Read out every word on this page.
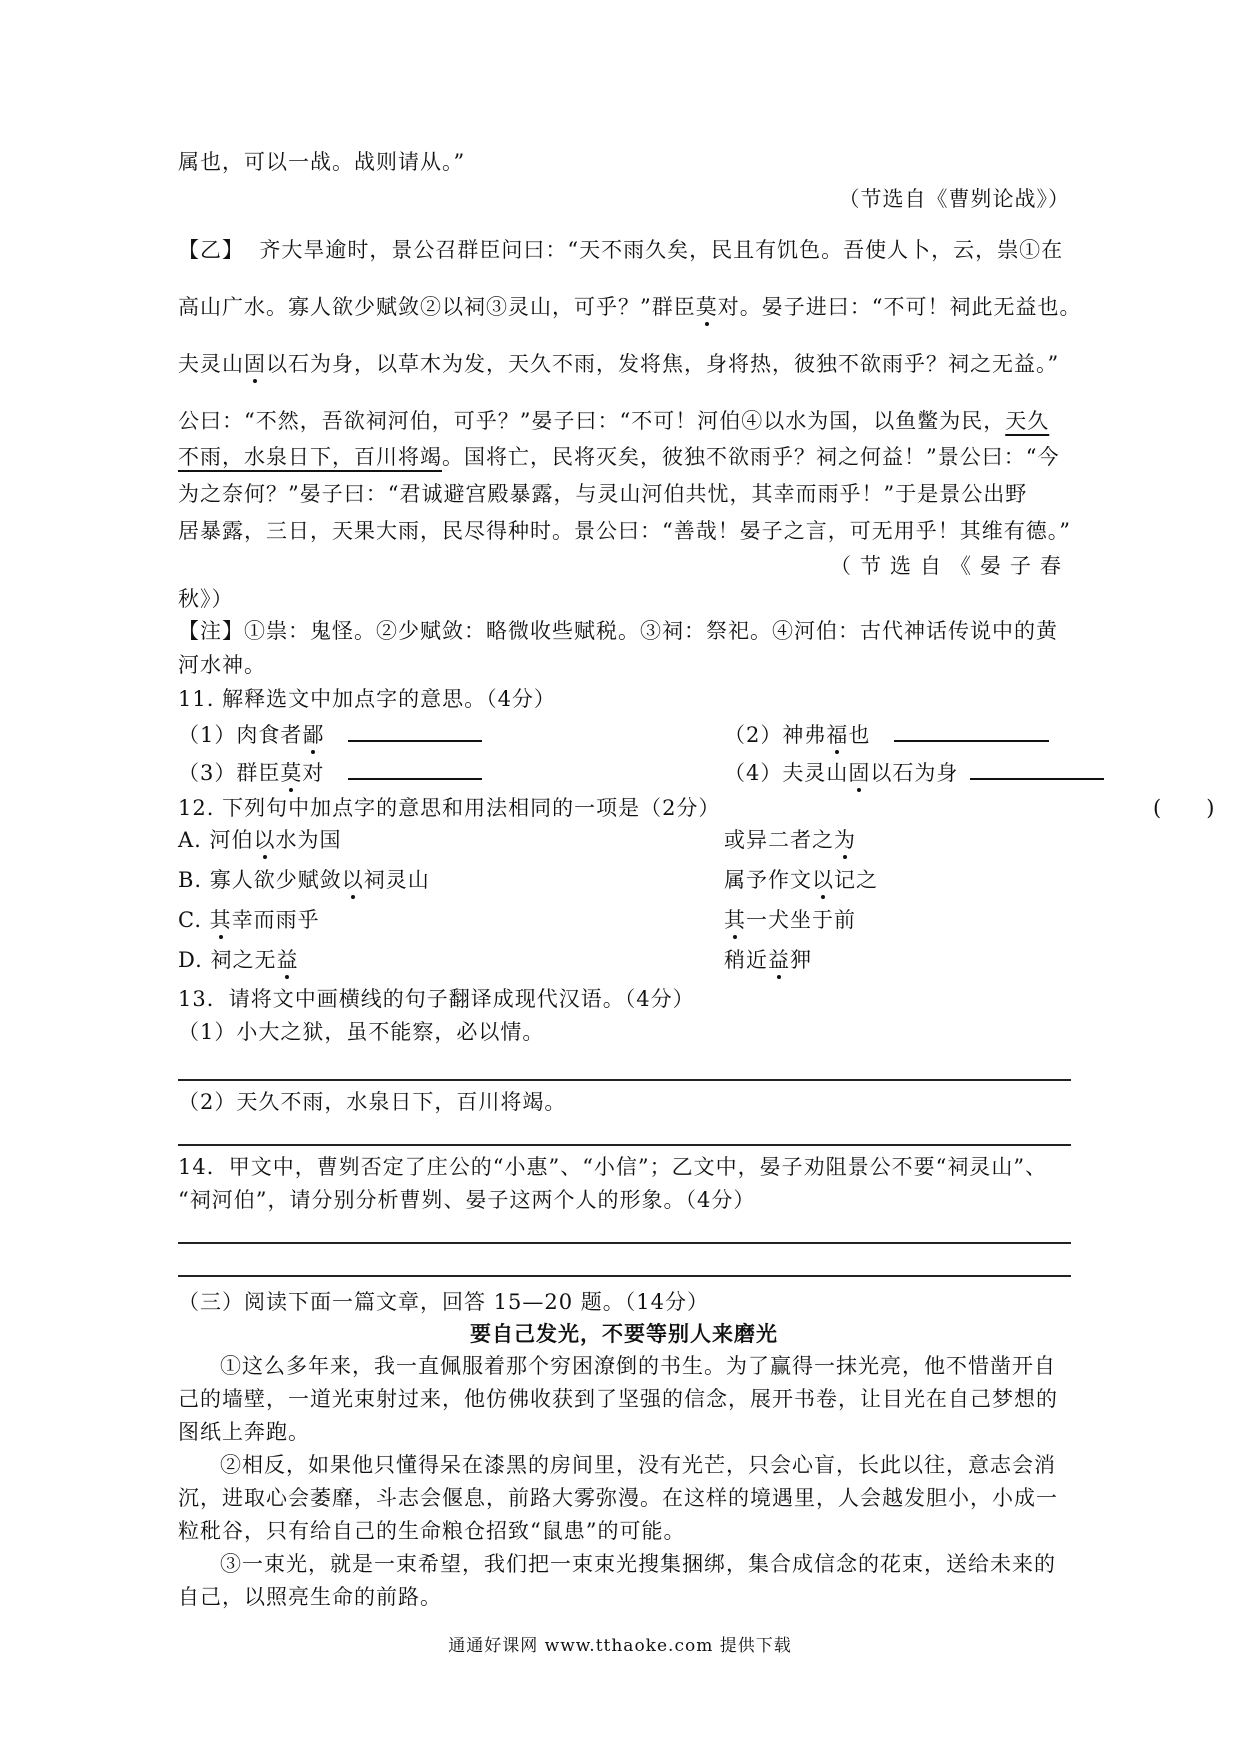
属也，可以一战。战则请从。”
（节选自《曹刿论战》）
【乙】 齐大旱逾时，景公召群臣问曰：“天不雨久矣，民且有饥色。吾使人卜，云，祟①在
高山广水。寡人欲少赋敛②以祠③灵山，可乎？”群臣莫对。晏子进曰：“不可！祠此无益也。
夫灵山固以石为身，以草木为发，天久不雨，发将焦，身将热，彼独不欲雨乎？祠之无益。”
公曰：“不然，吾欲祠河伯，可乎？”晏子曰：“不可！河伯④以水为国，以鱼鳖为民，天久
不雨，水泉日下，百川将竭。国将亡，民将灭矣，彼独不欲雨乎？祠之何益！”景公曰：“今
为之奈何？”晏子曰：“君诚避宫殿暴露，与灵山河伯共忧，其幸而雨乎！”于是景公出野
居暴露，三日，天果大雨，民尽得种时。景公曰：“善哉！晏子之言，可无用乎！其维有德。”
（节选自《晏子春
秋》）
【注】①祟：鬼怪。②少赋敛：略微收些赋税。③祠：祭祀。④河伯：古代神话传说中的黄
河水神。
11. 解释选文中加点字的意思。（4分）
（1）肉食者鄙	（2）神弗福也
（3）群臣莫对	（4）夫灵山固以石为身
12. 下列句中加点字的意思和用法相同的一项是（2分）	(　　)
A. 河伯以水为国	或异二者之为
B. 寡人欲少赋敛以祠灵山	属予作文以记之
C. 其幸而雨乎	其一犬坐于前
D. 祠之无益	稍近益狎
13．请将文中画横线的句子翻译成现代汉语。（4分）
（1）小大之狱，虽不能察，必以情。
（2）天久不雨，水泉日下，百川将竭。
14．甲文中，曹刿否定了庄公的“小惠”、“小信”；乙文中，晏子劝阻景公不要“祠灵山”、
“祠河伯”，请分别分析曹刿、晏子这两个人的形象。（4分）
（三）阅读下面一篇文章，回答 15—20 题。（14分）
要自己发光，不要等别人来磨光
①这么多年来，我一直佩服着那个穷困潦倒的书生。为了赢得一抹光亮，他不惜凿开自
己的墙壁，一道光束射过来，他仿佛收获到了坚强的信念，展开书卷，让目光在自己梦想的
图纸上奔跑。
②相反，如果他只懂得呆在漆黑的房间里，没有光芒，只会心盲，长此以往，意志会消
沉，进取心会萎靡，斗志会偃息，前路大雾弥漫。在这样的境遇里，人会越发胆小，小成一
粒秕谷，只有给自己的生命粮仓招致“鼠患”的可能。
③一束光，就是一束希望，我们把一束束光搜集捆绑，集合成信念的花束，送给未来的
自己，以照亮生命的前路。
通通好课网 www.tthaoke.com 提供下载
